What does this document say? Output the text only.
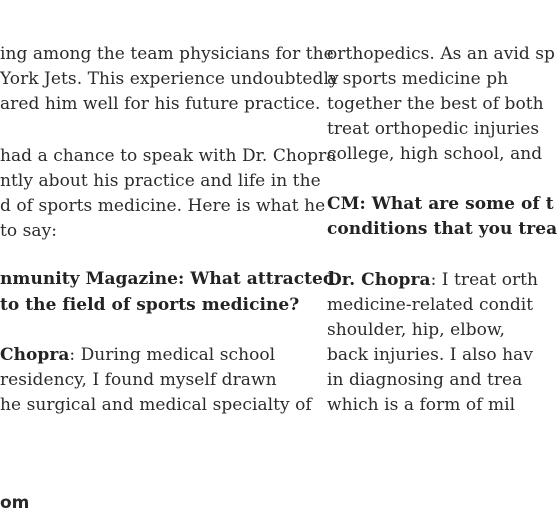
ing among the team physicians for the
York Jets. This experience undoubtedly
ared him well for his future practice.
had a chance to speak with Dr. Chopra
ntly about his practice and life in the
d of sports medicine. Here is what he
to say:
nmunity Magazine: What attracted
to the field of sports medicine?
Chopra: During medical school
residency, I found myself drawn
he surgical and medical specialty of
orthopedics. As an avid sp
a sports medicine ph
together the best of both
treat orthopedic injuries
college, high school, and
CM: What are some of t
conditions that you trea
Dr. Chopra: I treat orth
medicine-related condit
shoulder, hip, elbow,
back injuries. I also hav
in diagnosing and trea
which is a form of mil
om
